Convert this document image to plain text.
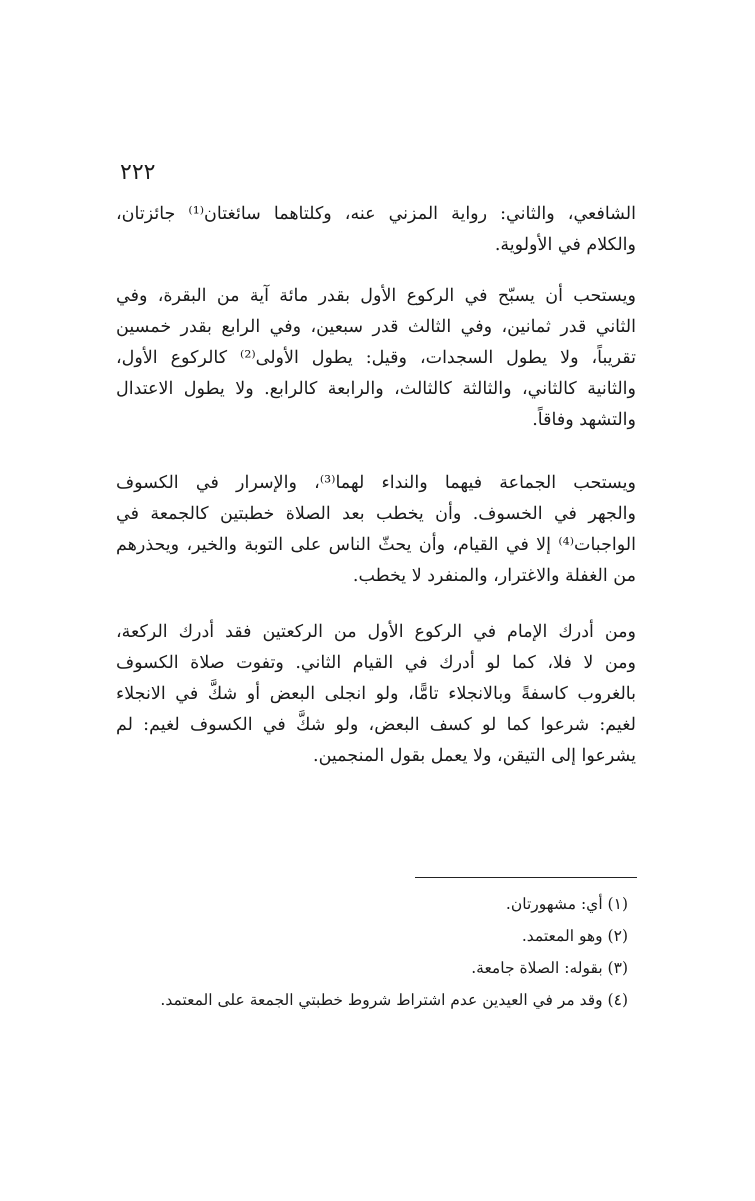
٢٢٢
الشافعي، والثاني: رواية المزني عنه، وكلتاهما سائغتان⁽¹⁾ جائزتان،
والكلام في الأولوية.
ويستحب أن يسبّح في الركوع الأول بقدر مائة آية من البقرة، وفي
الثاني قدر ثمانين، وفي الثالث قدر سبعين، وفي الرابع بقدر خمسين
تقريباً، ولا يطول السجدات، وقيل: يطول الأولى⁽²⁾ كالركوع الأول،
والثانية كالثاني، والثالثة كالثالث، والرابعة كالرابع. ولا يطول الاعتدال
والتشهد وفاقاً.
ويستحب الجماعة فيهما والنداء لهما⁽³⁾، والإسرار في الكسوف
والجهر في الخسوف. وأن يخطب بعد الصلاة خطبتين كالجمعة في
الواجبات⁽⁴⁾ إلا في القيام، وأن يحثّ الناس على التوبة والخير، ويحذرهم
من الغفلة والاغترار، والمنفرد لا يخطب.
ومن أدرك الإمام في الركوع الأول من الركعتين فقد أدرك الركعة،
ومن لا فلا، كما لو أدرك في القيام الثاني. وتفوت صلاة الكسوف
بالغروب كاسفةً وبالانجلاء تامًّا، ولو انجلى البعض أو شكَّ في الانجلاء
لغيم: شرعوا كما لو كسف البعض، ولو شكَّ في الكسوف لغيم: لم
يشرعوا إلى التيقن، ولا يعمل بقول المنجمين.
(١) أي: مشهورتان.
(٢) وهو المعتمد.
(٣) بقوله: الصلاة جامعة.
(٤) وقد مر في العيدين عدم اشتراط شروط خطبتي الجمعة على المعتمد.
